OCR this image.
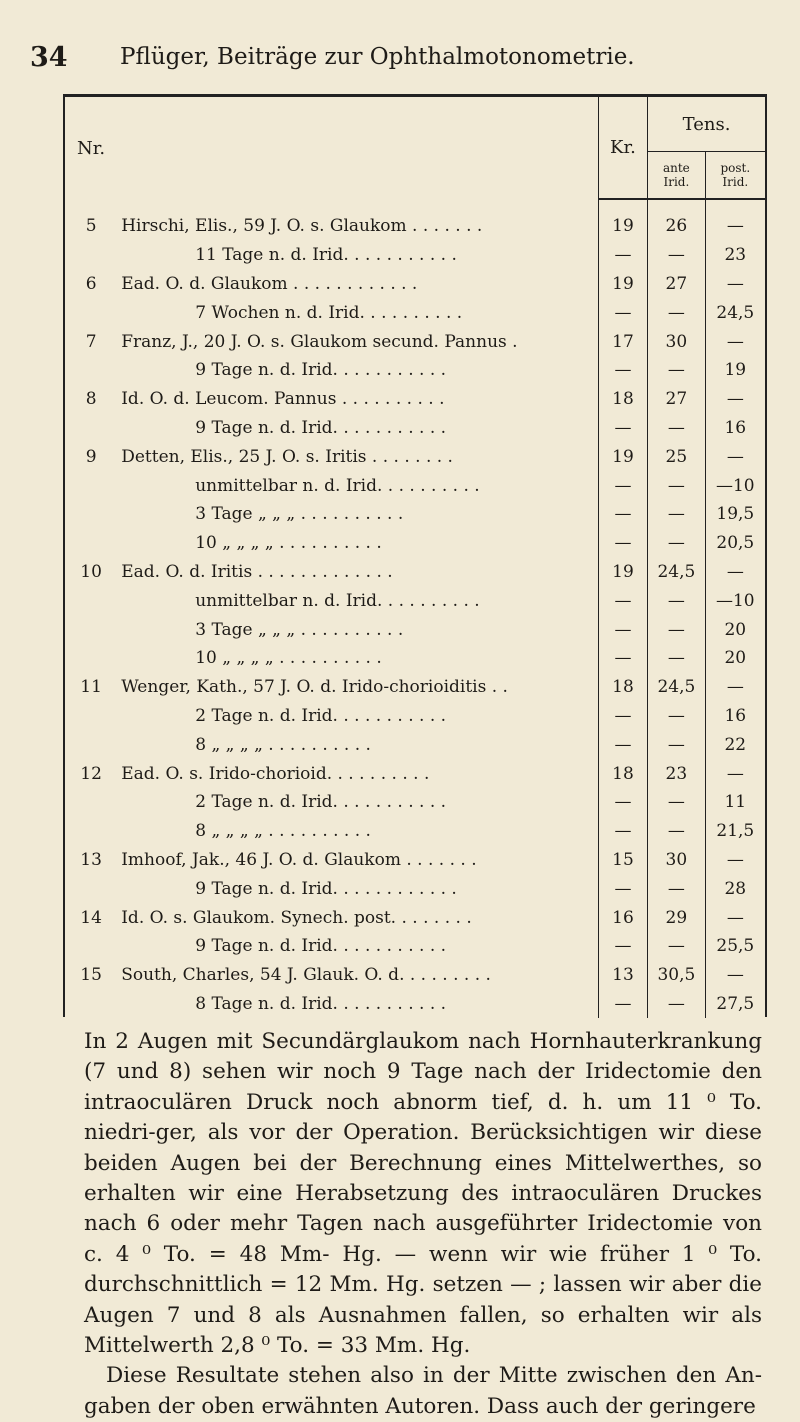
34 Pflüger, Beiträge zur Ophthalmotonometrie.
Nr.		Kr.	Tens.	
			ante Irid.	post. Irid.

5	Hirschi, Elis., 59 J. O. s. Glaukom . . . . . . .	19	26	—
	11 Tage n. d. Irid. . . . . . . . . . .	—	—	23
6	Ead. O. d. Glaukom . . . . . . . . . . . .	19	27	—
	7 Wochen n. d. Irid. . . . . . . . . .	—	—	24,5
7	Franz, J., 20 J. O. s. Glaukom secund. Pannus .	17	30	—
	9 Tage n. d. Irid. . . . . . . . . . .	—	—	19
8	Id. O. d. Leucom. Pannus . . . . . . . . . .	18	27	—
	9 Tage n. d. Irid. . . . . . . . . . .	—	—	16
9	Detten, Elis., 25 J. O. s. Iritis . . . . . . . .	19	25	—
	unmittelbar n. d. Irid. . . . . . . . . .	—	—	—10
	3 Tage „ „ „ . . . . . . . . . .	—	—	19,5
	10 „ „ „ „ . . . . . . . . . .	—	—	20,5
10	Ead. O. d. Iritis . . . . . . . . . . . . .	19	24,5	—
	unmittelbar n. d. Irid. . . . . . . . . .	—	—	—10
	3 Tage „ „ „ . . . . . . . . . .	—	—	20
	10 „ „ „ „ . . . . . . . . . .	—	—	20
11	Wenger, Kath., 57 J. O. d. Irido-chorioiditis . .	18	24,5	—
	2 Tage n. d. Irid. . . . . . . . . . .	—	—	16
	8 „ „ „ „ . . . . . . . . . .	—	—	22
12	Ead. O. s. Irido-chorioid. . . . . . . . . .	18	23	—
	2 Tage n. d. Irid. . . . . . . . . . .	—	—	11
	8 „ „ „ „ . . . . . . . . . .	—	—	21,5
13	Imhoof, Jak., 46 J. O. d. Glaukom . . . . . . .	15	30	—
	9 Tage n. d. Irid. . . . . . . . . . . .	—	—	28
14	Id. O. s. Glaukom. Synech. post. . . . . . . .	16	29	—
	9 Tage n. d. Irid. . . . . . . . . . .	—	—	25,5
15	South, Charles, 54 J. Glauk. O. d. . . . . . . . .	13	30,5	—
	8 Tage n. d. Irid. . . . . . . . . . .	—	—	27,5

In 2 Augen mit Secundärglaukom nach Hornhauterkrankung (7 und 8) sehen wir noch 9 Tage nach der Iridectomie den intraoculären Druck noch abnorm tief, d. h. um 11 ⁰ To. niedri-ger, als vor der Operation. Berücksichtigen wir diese beiden Augen bei der Berechnung eines Mittelwerthes, so erhalten wir eine Herabsetzung des intraoculären Druckes nach 6 oder mehr Tagen nach ausgeführter Iridectomie von c. 4 ⁰ To. = 48 Mm- Hg. — wenn wir wie früher 1 ⁰ To. durchschnittlich = 12 Mm. Hg. setzen — ; lassen wir aber die Augen 7 und 8 als Ausnahmen fallen, so erhalten wir als Mittelwerth 2,8 ⁰ To. = 33 Mm. Hg.

Diese Resultate stehen also in der Mitte zwischen den An-gaben der oben erwähnten Autoren. Dass auch der geringere
